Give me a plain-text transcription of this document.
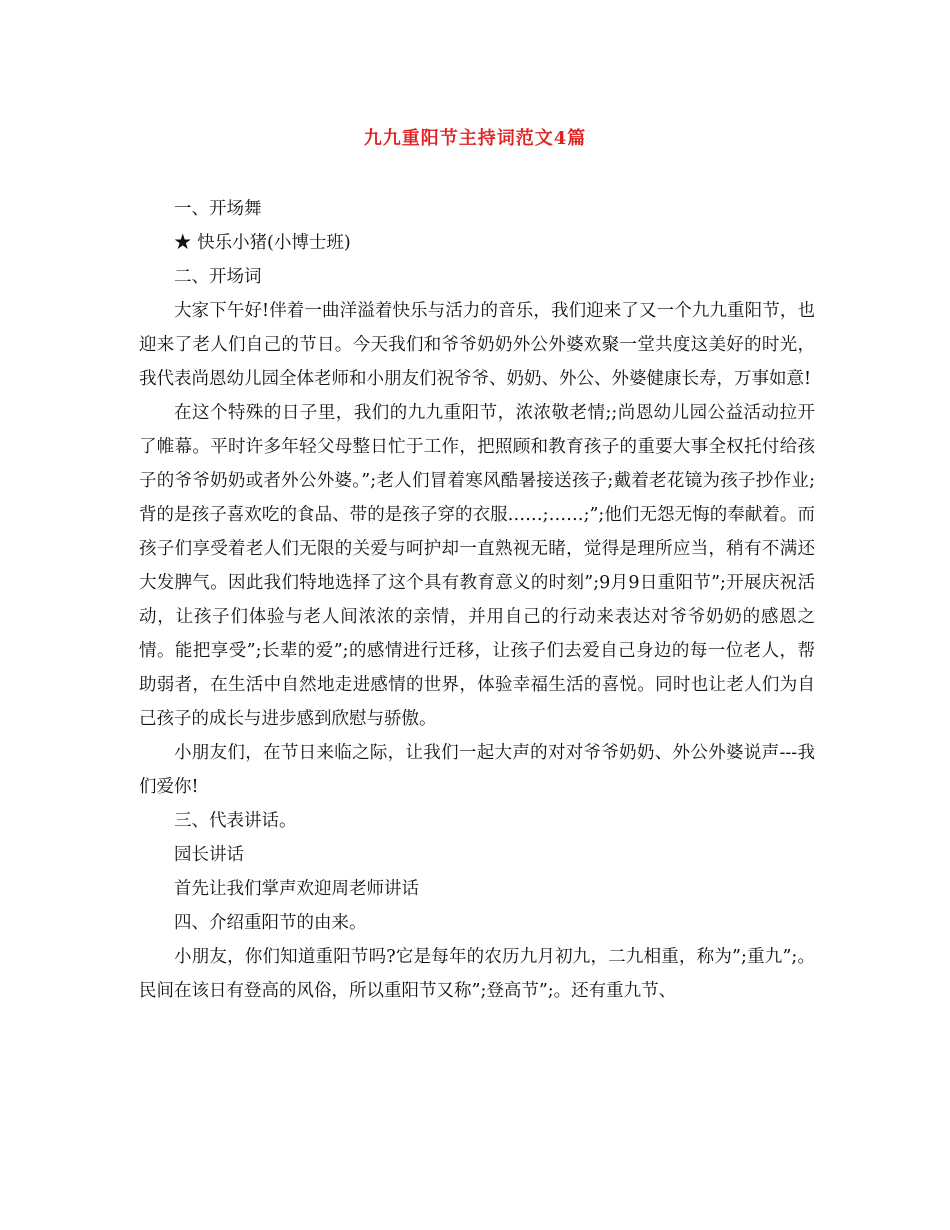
九九重阳节主持词范文4篇

一、开场舞

★ 快乐小猪(小博士班)

二、开场词

大家下午好!伴着一曲洋溢着快乐与活力的音乐，我们迎来了又一个九九重阳节，也迎来了老人们自己的节日。今天我们和爷爷奶奶外公外婆欢聚一堂共度这美好的时光，我代表尚恩幼儿园全体老师和小朋友们祝爷爷、奶奶、外公、外婆健康长寿，万事如意!

在这个特殊的日子里，我们的九九重阳节，浓浓敬老情;;尚恩幼儿园公益活动拉开了帷幕。平时许多年轻父母整日忙于工作，把照顾和教育孩子的重要大事全权托付给孩子的爷爷奶奶或者外公外婆。”;老人们冒着寒风酷暑接送孩子;戴着老花镜为孩子抄作业;背的是孩子喜欢吃的食品、带的是孩子穿的衣服……;……;”;他们无怨无悔的奉献着。而孩子们享受着老人们无限的关爱与呵护却一直熟视无睹，觉得是理所应当，稍有不满还大发脾气。因此我们特地选择了这个具有教育意义的时刻”;9月9日重阳节”;开展庆祝活动，让孩子们体验与老人间浓浓的亲情，并用自己的行动来表达对爷爷奶奶的感恩之情。能把享受”;长辈的爱”;的感情进行迁移，让孩子们去爱自己身边的每一位老人，帮助弱者，在生活中自然地走进感情的世界，体验幸福生活的喜悦。同时也让老人们为自己孩子的成长与进步感到欣慰与骄傲。

小朋友们，在节日来临之际，让我们一起大声的对对爷爷奶奶、外公外婆说声---我们爱你!

三、代表讲话。

园长讲话

首先让我们掌声欢迎周老师讲话

四、介绍重阳节的由来。

小朋友，你们知道重阳节吗?它是每年的农历九月初九，二九相重，称为”;重九”;。民间在该日有登高的风俗，所以重阳节又称”;登高节”;。还有重九节、
